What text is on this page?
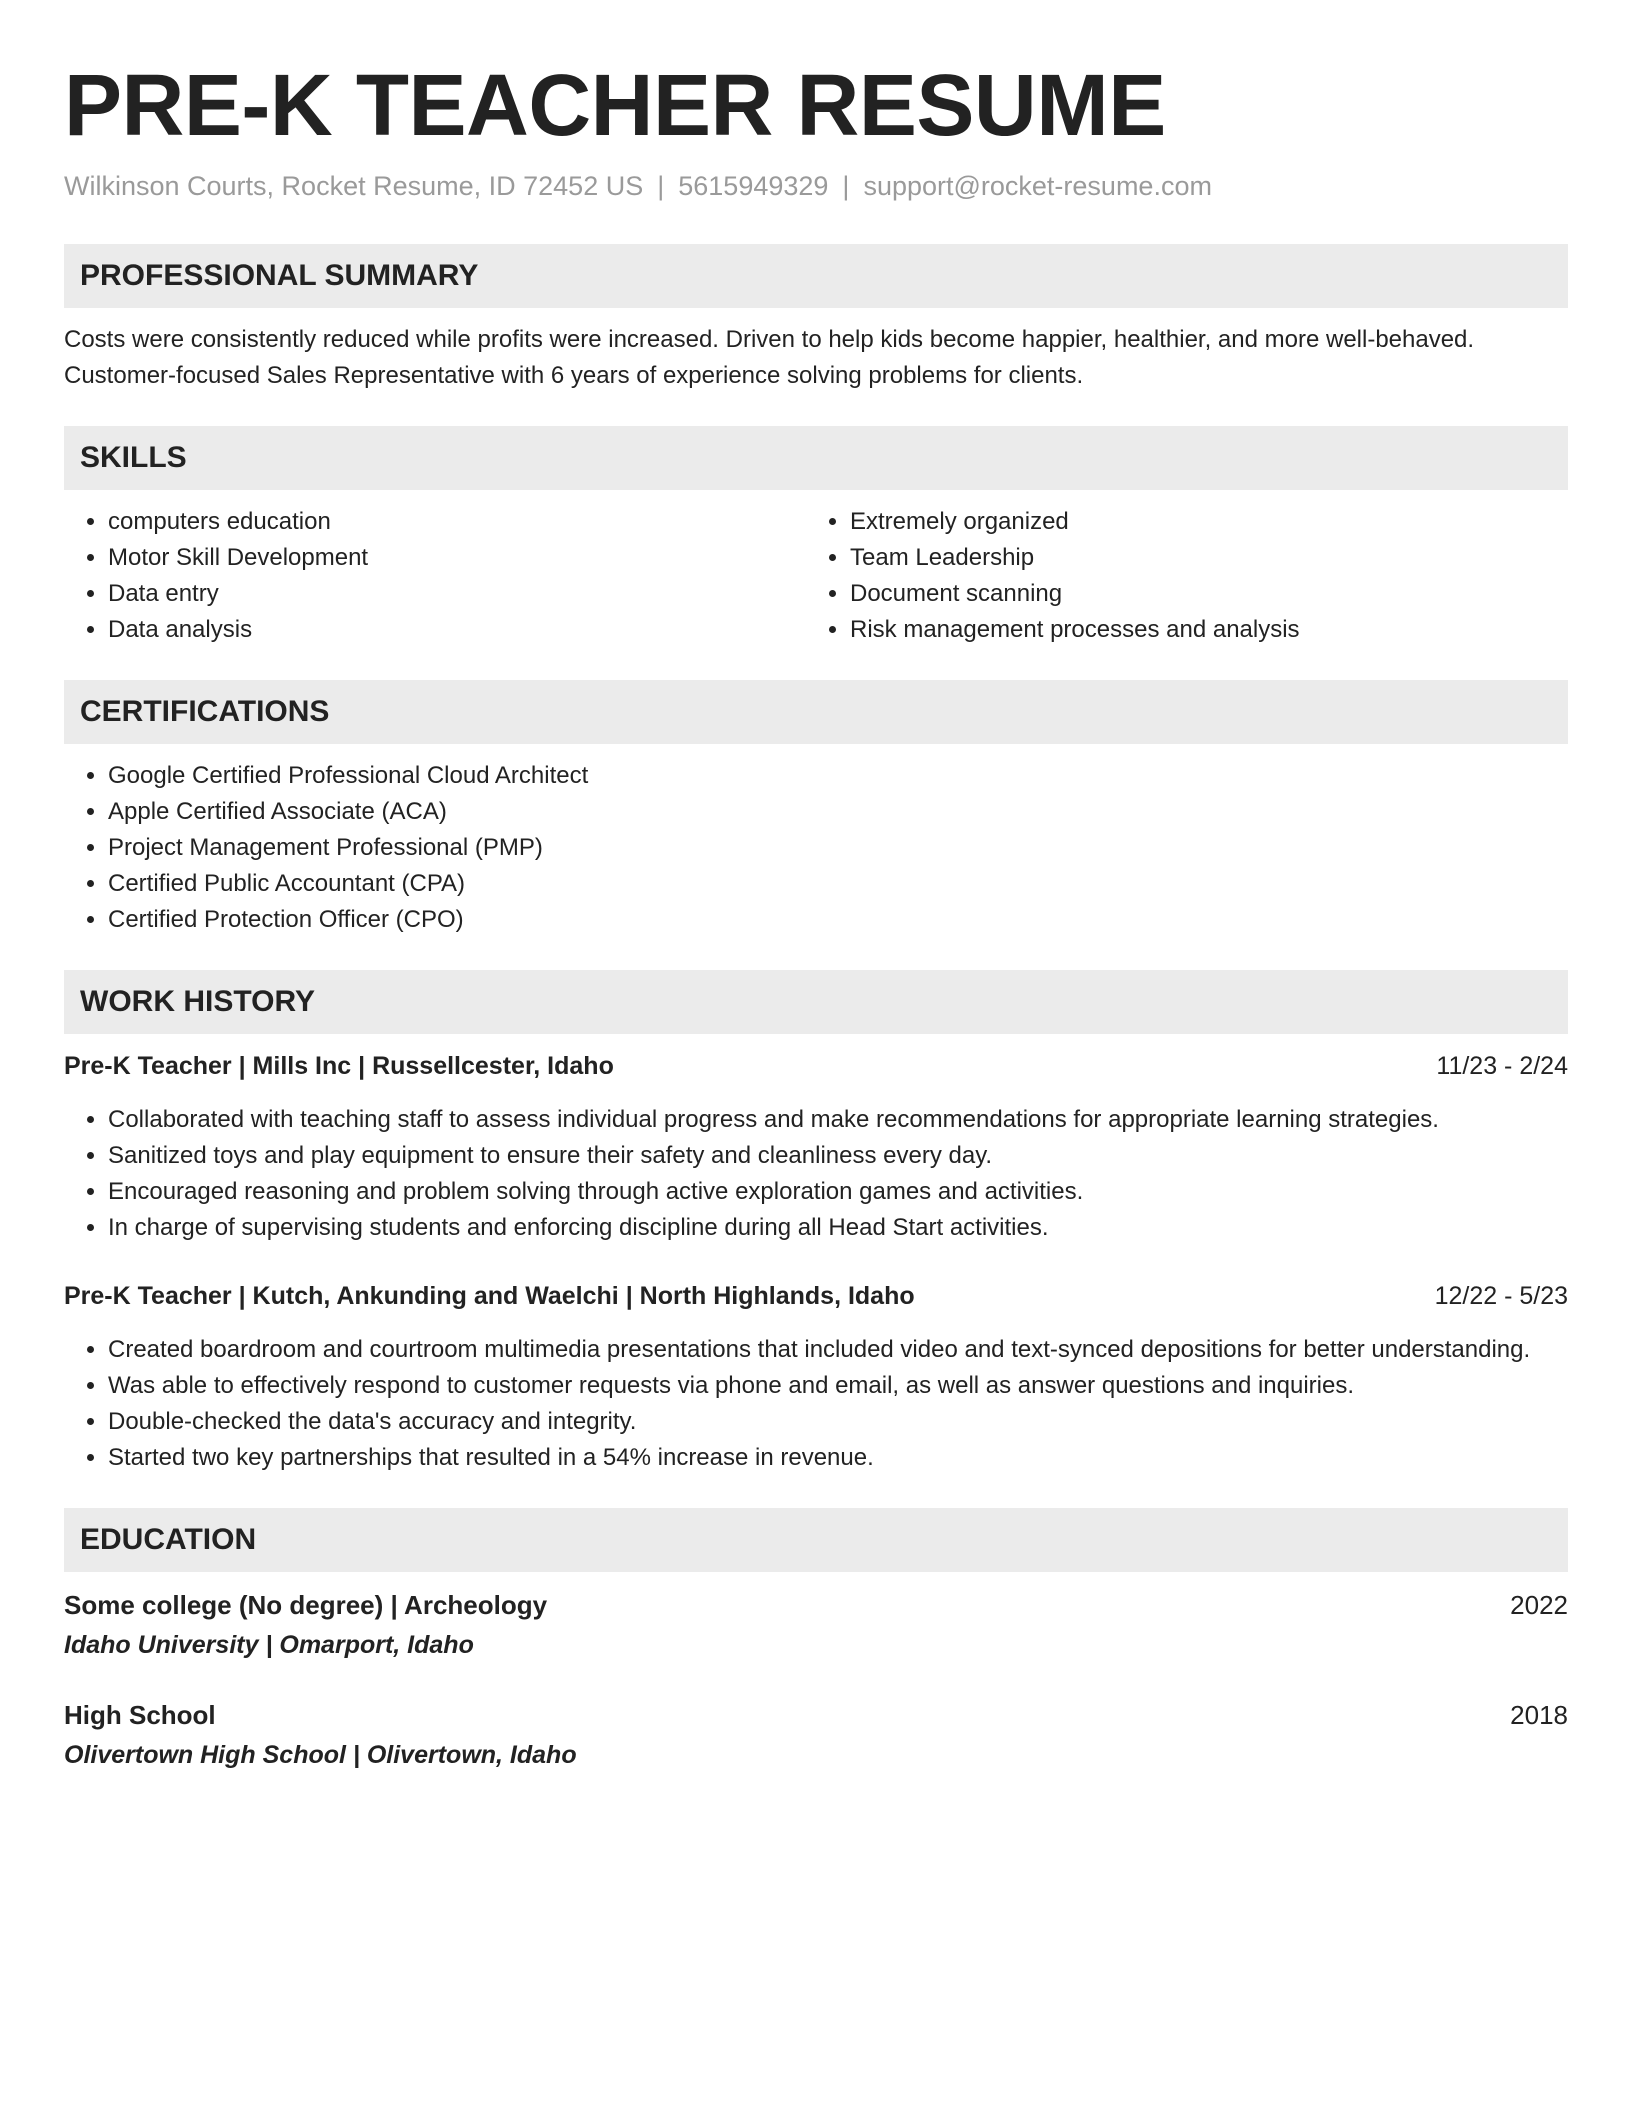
PRE-K TEACHER RESUME
Wilkinson Courts, Rocket Resume, ID 72452 US | 5615949329 | support@rocket-resume.com
PROFESSIONAL SUMMARY
Costs were consistently reduced while profits were increased. Driven to help kids become happier, healthier, and more well-behaved. Customer-focused Sales Representative with 6 years of experience solving problems for clients.
SKILLS
• computers education
• Motor Skill Development
• Data entry
• Data analysis
• Extremely organized
• Team Leadership
• Document scanning
• Risk management processes and analysis
CERTIFICATIONS
• Google Certified Professional Cloud Architect
• Apple Certified Associate (ACA)
• Project Management Professional (PMP)
• Certified Public Accountant (CPA)
• Certified Protection Officer (CPO)
WORK HISTORY
Pre-K Teacher | Mills Inc | Russellcester, Idaho	11/23 - 2/24
• Collaborated with teaching staff to assess individual progress and make recommendations for appropriate learning strategies.
• Sanitized toys and play equipment to ensure their safety and cleanliness every day.
• Encouraged reasoning and problem solving through active exploration games and activities.
• In charge of supervising students and enforcing discipline during all Head Start activities.
Pre-K Teacher | Kutch, Ankunding and Waelchi | North Highlands, Idaho	12/22 - 5/23
• Created boardroom and courtroom multimedia presentations that included video and text-synced depositions for better understanding.
• Was able to effectively respond to customer requests via phone and email, as well as answer questions and inquiries.
• Double-checked the data's accuracy and integrity.
• Started two key partnerships that resulted in a 54% increase in revenue.
EDUCATION
Some college (No degree) | Archeology	2022
Idaho University | Omarport, Idaho
High School	2018
Olivertown High School | Olivertown, Idaho
